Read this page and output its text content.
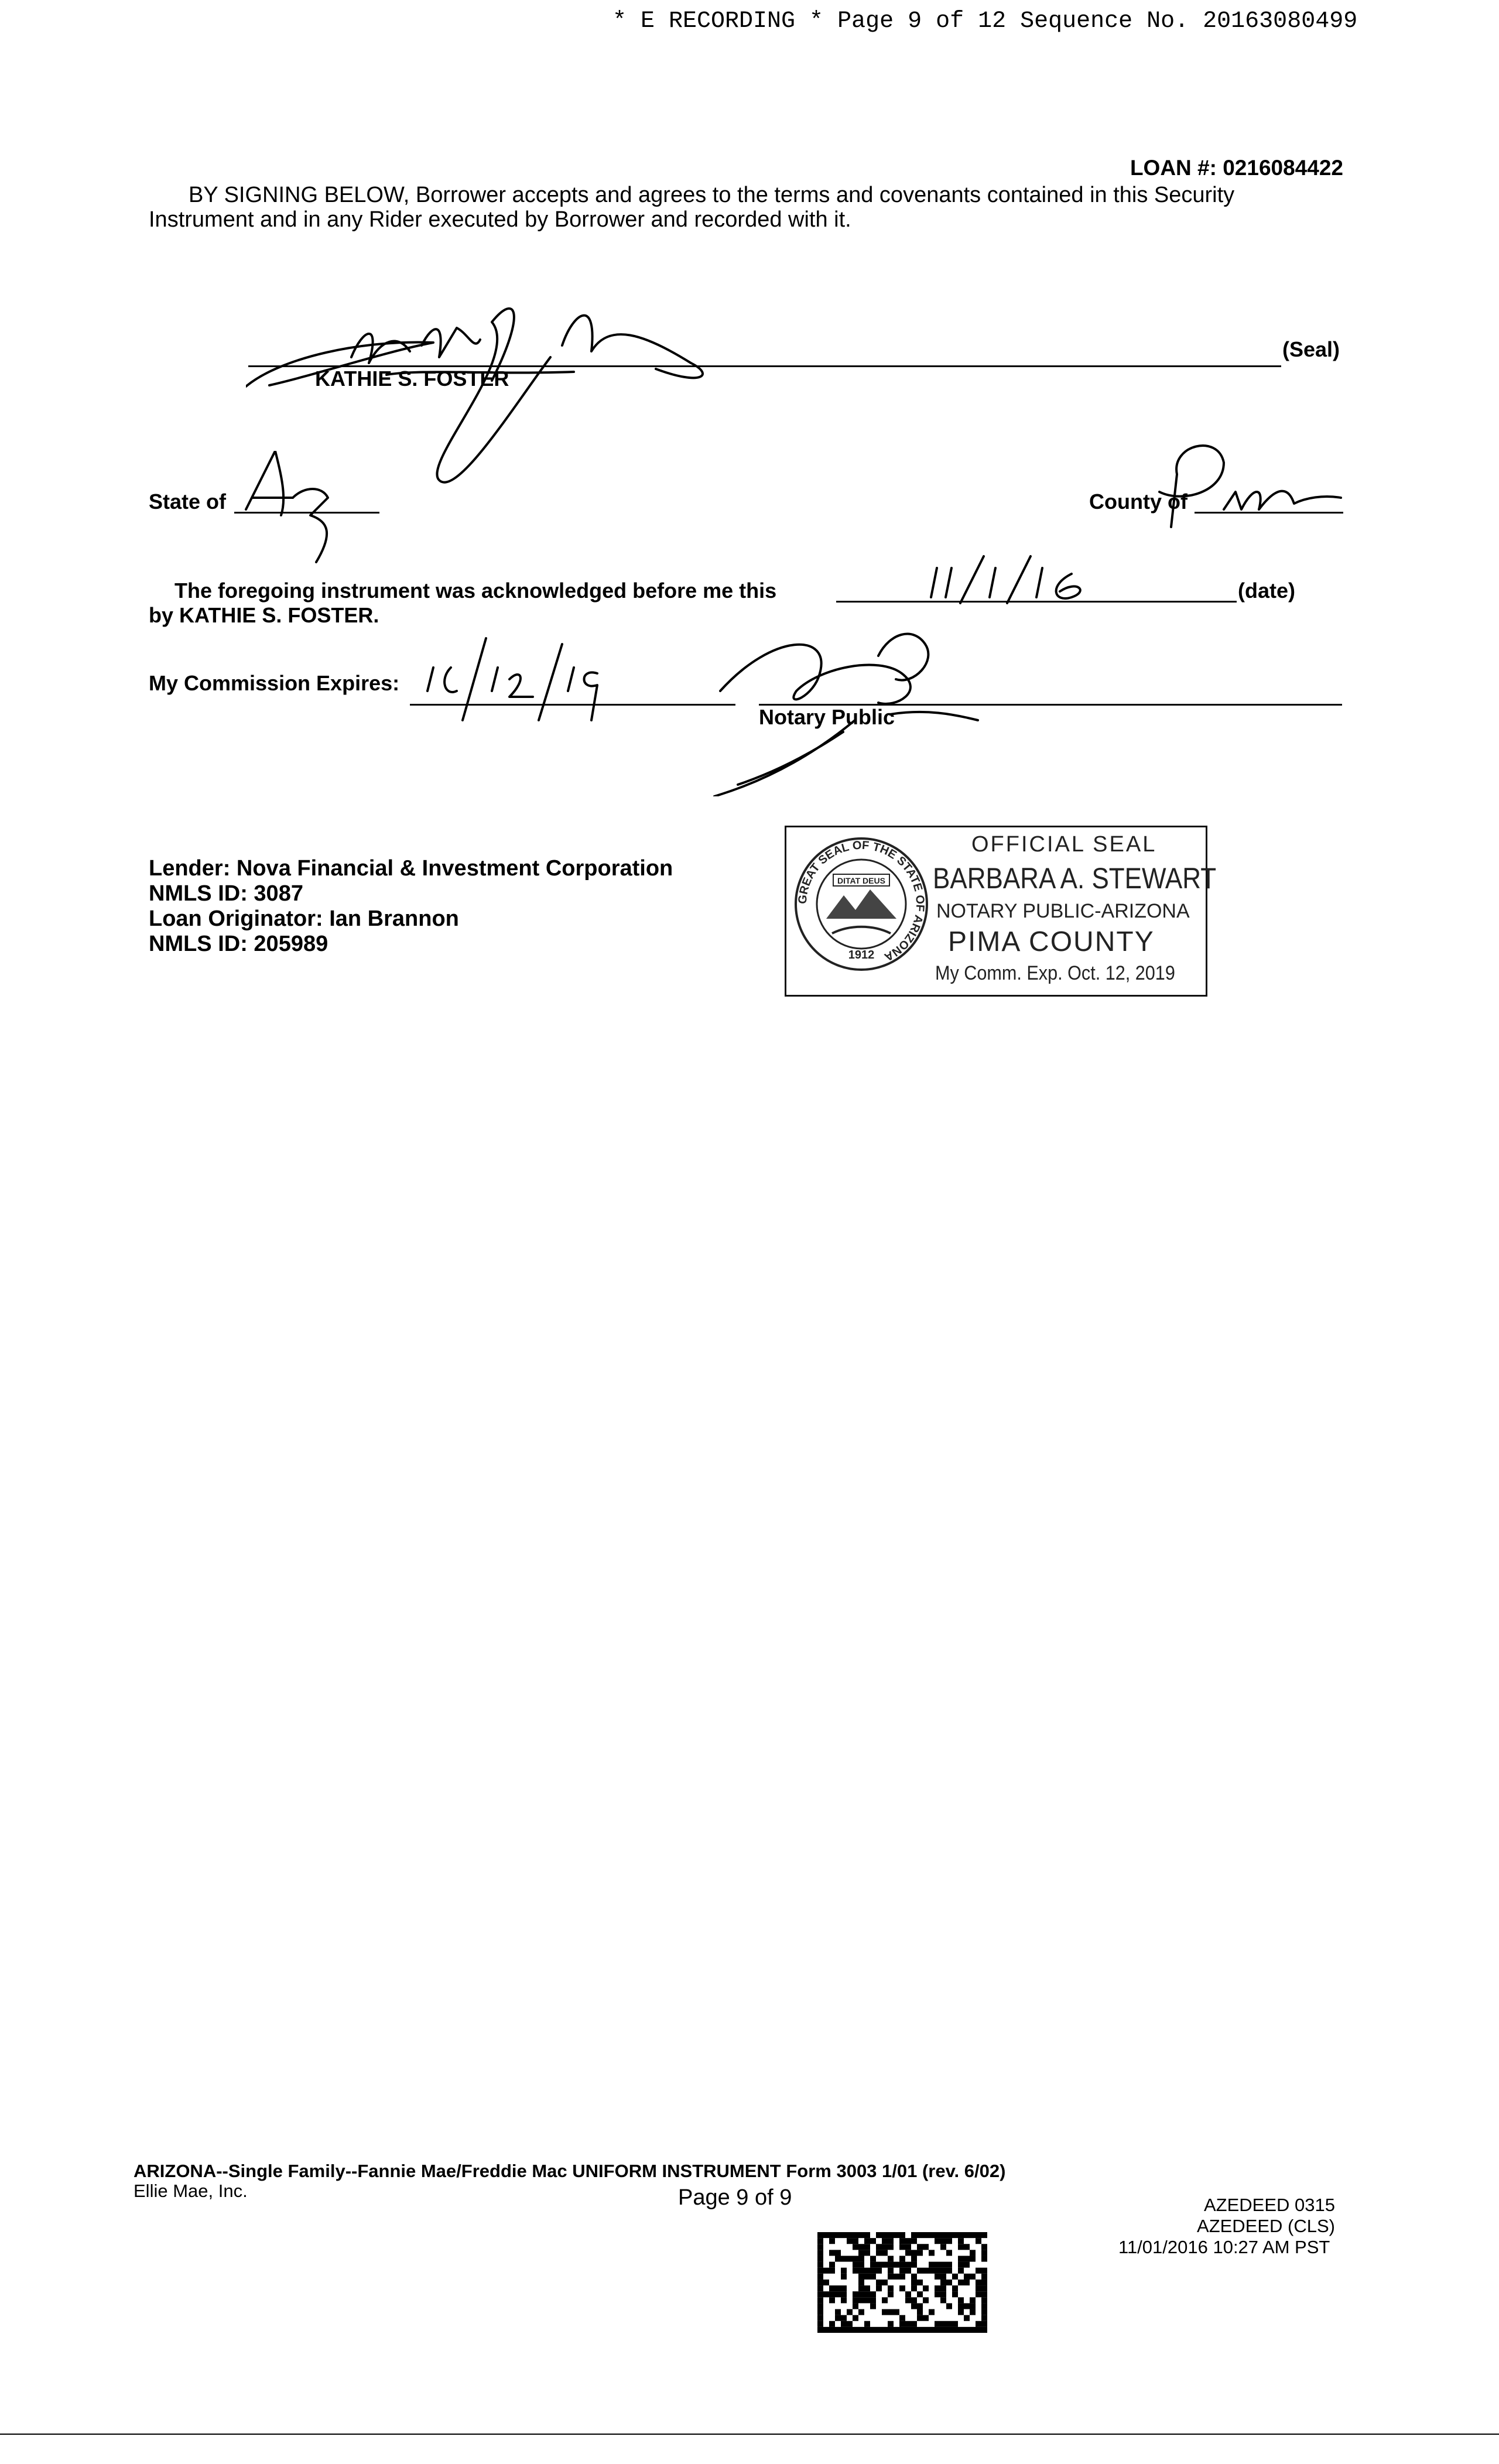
* E RECORDING * Page 9 of 12 Sequence No. 20163080499
LOAN #: 0216084422
BY SIGNING BELOW, Borrower accepts and agrees to the terms and covenants contained in this Security
Instrument and in any Rider executed by Borrower and recorded with it.
KATHIE S. FOSTER
(Seal)
State of	County of
The foregoing instrument was acknowledged before me this	(date)
by KATHIE S. FOSTER.
My Commission Expires:
Notary Public
Lender: Nova Financial & Investment Corporation
NMLS ID: 3087
Loan Originator: Ian Brannon
NMLS ID: 205989
GREAT SEAL OF THE STATE OF ARIZONA
DITAT DEUS
1912
OFFICIAL SEAL
BARBARA A. STEWART
NOTARY PUBLIC-ARIZONA
PIMA COUNTY
My Comm. Exp. Oct. 12, 2019
ARIZONA--Single Family--Fannie Mae/Freddie Mac UNIFORM INSTRUMENT Form 3003 1/01 (rev. 6/02)
Ellie Mae, Inc.	Page 9 of 9	AZEDEED 0315
AZEDEED (CLS)
11/01/2016 10:27 AM PST
